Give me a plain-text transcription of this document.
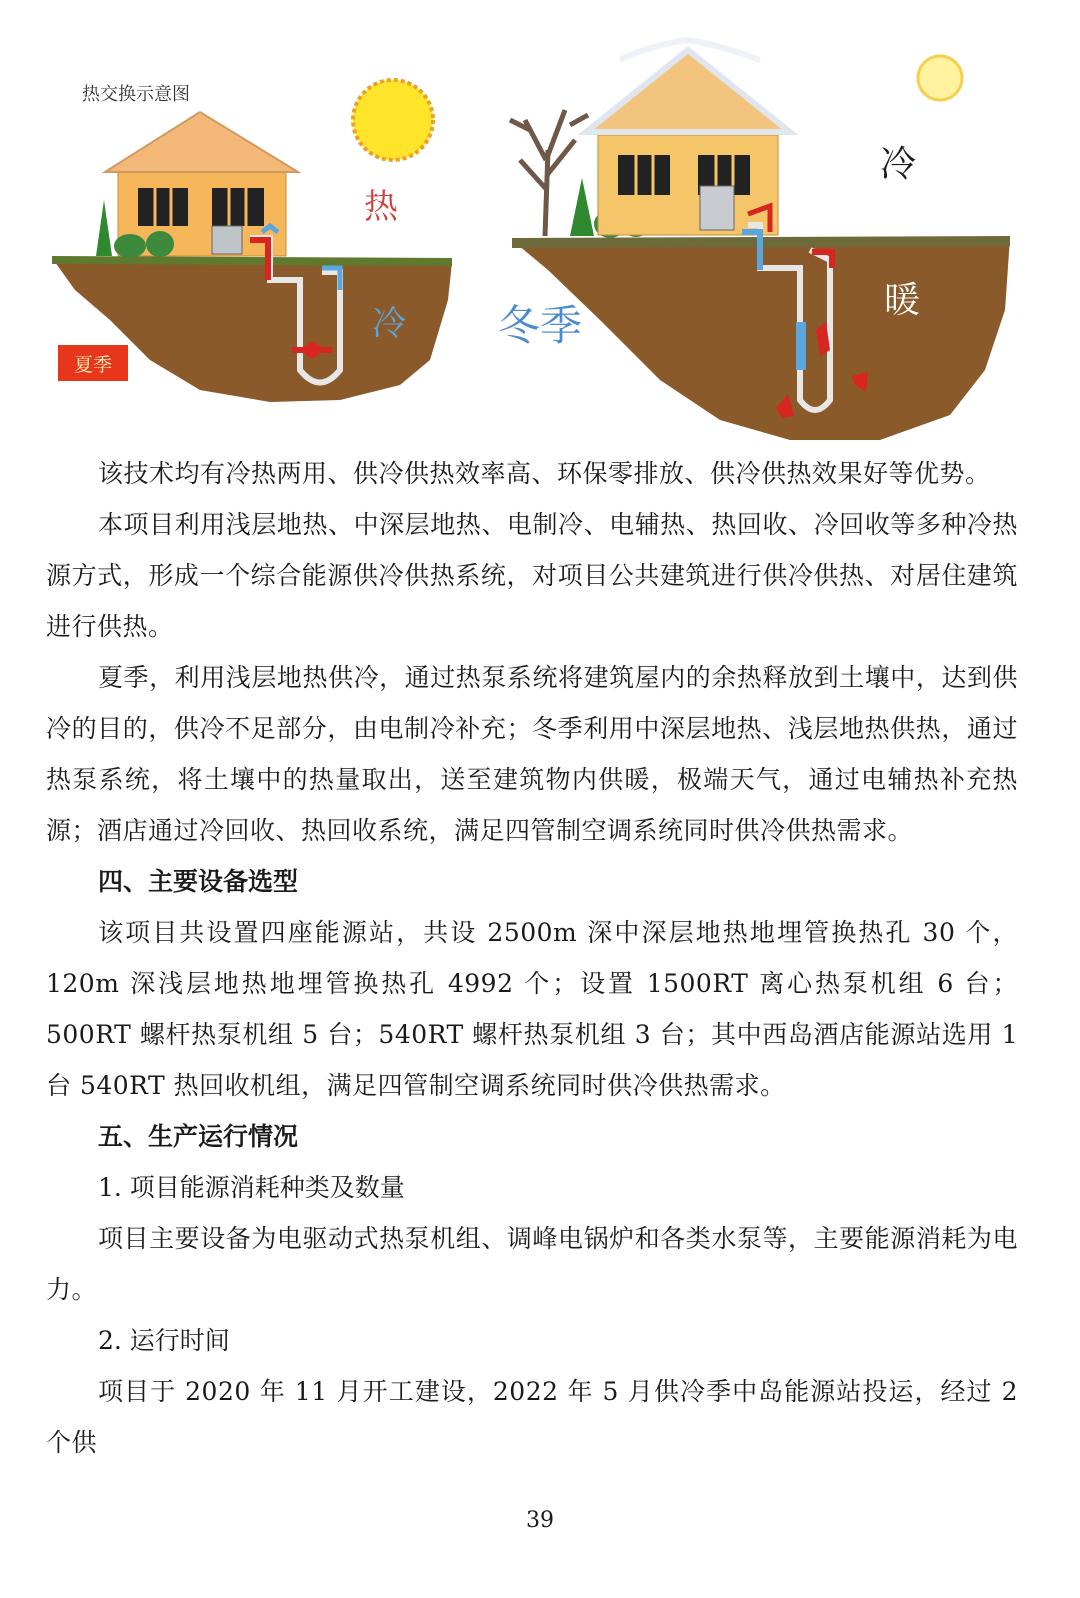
热交换示意图
热
冷
夏季
冷
暖
冬季

该技术均有冷热两用、供冷供热效率高、环保零排放、供冷供热效果好等优势。

本项目利用浅层地热、中深层地热、电制冷、电辅热、热回收、冷回收等多种冷热源方式，形成一个综合能源供冷供热系统，对项目公共建筑进行供冷供热、对居住建筑进行供热。

夏季，利用浅层地热供冷，通过热泵系统将建筑屋内的余热释放到土壤中，达到供冷的目的，供冷不足部分，由电制冷补充；冬季利用中深层地热、浅层地热供热，通过热泵系统，将土壤中的热量取出，送至建筑物内供暖，极端天气，通过电辅热补充热源；酒店通过冷回收、热回收系统，满足四管制空调系统同时供冷供热需求。

四、主要设备选型

该项目共设置四座能源站，共设 2500m 深中深层地热地埋管换热孔 30 个，120m 深浅层地热地埋管换热孔 4992 个；设置 1500RT 离心热泵机组 6 台；500RT 螺杆热泵机组 5 台；540RT 螺杆热泵机组 3 台；其中西岛酒店能源站选用 1 台 540RT 热回收机组，满足四管制空调系统同时供冷供热需求。

五、生产运行情况

1. 项目能源消耗种类及数量

项目主要设备为电驱动式热泵机组、调峰电锅炉和各类水泵等，主要能源消耗为电力。

2. 运行时间

项目于 2020 年 11 月开工建设，2022 年 5 月供冷季中岛能源站投运，经过 2 个供

39
